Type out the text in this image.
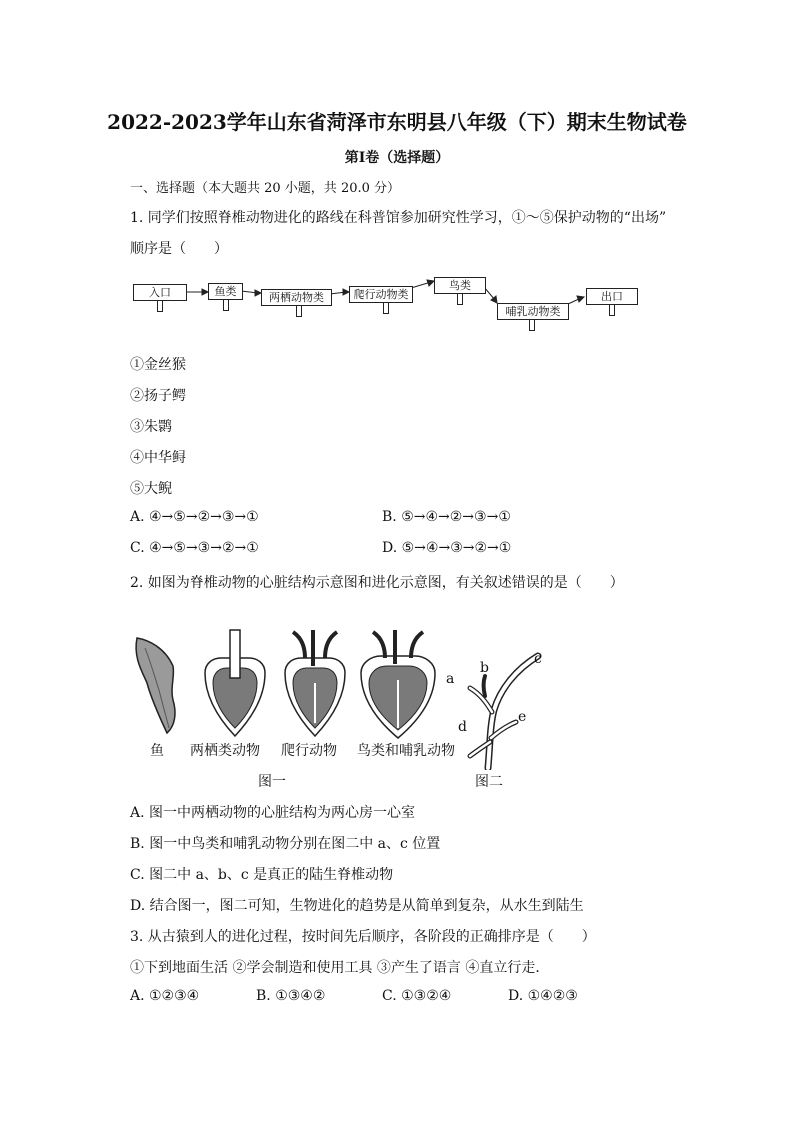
2022-2023学年山东省菏泽市东明县八年级（下）期末生物试卷
第Ⅰ卷（选择题）
一、选择题（本大题共 20 小题，共 20.0 分）
1. 同学们按照脊椎动物进化的路线在科普馆参加研究性学习，①～⑤保护动物的“出场”
顺序是（　　）
入口	鱼类	两栖动物类	爬行动物类
鸟类
哺乳动物类
出口
①金丝猴
②扬子鳄
③朱鹮
④中华鲟
⑤大鲵
A. ④→⑤→②→③→①	B. ⑤→④→②→③→①
C. ④→⑤→③→②→①	D. ⑤→④→③→②→①
2. 如图为脊椎动物的心脏结构示意图和进化示意图，有关叙述错误的是（　　）
鱼 两栖类动物 爬行动物 鸟类和哺乳动物
图一
a
b
c
d
e
图二
A. 图一中两栖动物的心脏结构为两心房一心室
B. 图一中鸟类和哺乳动物分别在图二中 a、c 位置
C. 图二中 a、b、c 是真正的陆生脊椎动物
D. 结合图一，图二可知，生物进化的趋势是从简单到复杂，从水生到陆生
3. 从古猿到人的进化过程，按时间先后顺序，各阶段的正确排序是（　　）
①下到地面生活 ②学会制造和使用工具 ③产生了语言 ④直立行走．
A. ①②③④	B. ①③④②	C. ①③②④	D. ①④②③
